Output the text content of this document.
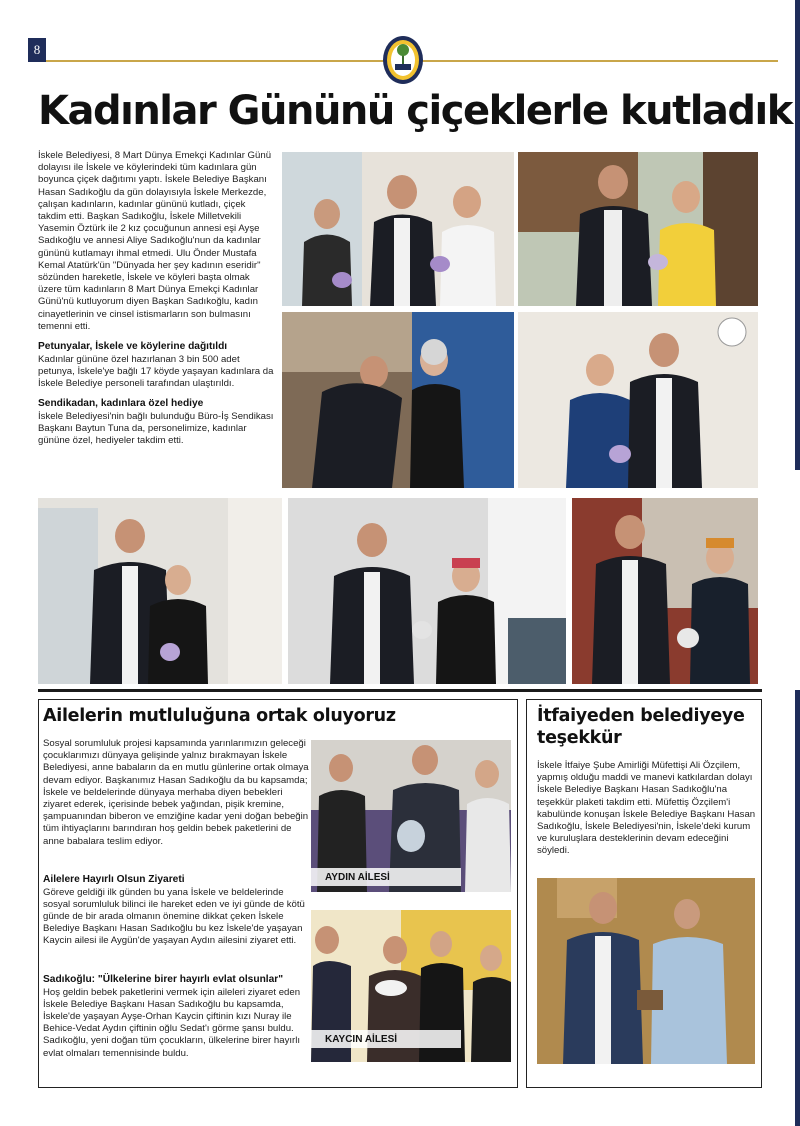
8
Kadınlar Gününü çiçeklerle kutladık

İskele Belediyesi, 8 Mart Dünya Emekçi Kadınlar Günü dolayısı ile İskele ve köylerindeki tüm kadınlara gün boyunca çiçek dağıtımı yaptı. İskele Belediye Başkanı Hasan Sadıkoğlu da gün dolayısıyla İskele Merkezde, çalışan kadınların, kadınlar gününü kutladı, çiçek takdim etti. Başkan Sadıkoğlu, İskele Milletvekili Yasemin Öztürk ile 2 kız çocuğunun annesi eşi Ayşe Sadıkoğlu ve annesi Aliye Sadıkoğlu'nun da kadınlar gününü kutlamayı ihmal etmedi. Ulu Önder Mustafa Kemal Atatürk'ün "Dünyada her şey kadının eseridir" sözünden hareketle, İskele ve köyleri başta olmak üzere tüm kadınların 8 Mart Dünya Emekçi Kadınlar Günü'nü kutluyorum diyen Başkan Sadıkoğlu, kadın cinayetlerinin ve cinsel istismarların son bulmasını temenni etti.

Petunyalar, İskele ve köylerine dağıtıldı

Kadınlar gününe özel hazırlanan 3 bin 500 adet petunya, İskele'ye bağlı 17 köyde yaşayan kadınlara da İskele Belediye personeli tarafından ulaştırıldı.

Sendikadan, kadınlara özel hediye

İskele Belediyesi'nin bağlı bulunduğu Büro-İş Sendikası Başkanı Baytun Tuna da, personelimize, kadınlar gününe özel, hediyeler takdim etti.

Ailelerin mutluluğuna ortak oluyoruz
Sosyal sorumluluk projesi kapsamında yarınlarımızın geleceği çocuklarımızı dünyaya gelişinde yalnız bırakmayan İskele Belediyesi, anne babaların da en mutlu günlerine ortak olmaya devam ediyor. Başkanımız Hasan Sadıkoğlu da bu kapsamda; İskele ve beldelerinde dünyaya merhaba diyen bebekleri ziyaret ederek, içerisinde bebek yağından, pişik kremine, şampuanından biberon ve emziğine kadar yeni doğan bebeğin tüm ihtiyaçlarını barındıran hoş geldin bebek paketlerini de anne babalara teslim ediyor.
Ailelere Hayırlı Olsun Ziyareti

Göreve geldiği ilk günden bu yana İskele ve beldelerinde sosyal sorumluluk bilinci ile hareket eden ve iyi günde de kötü günde de bir arada olmanın önemine dikkat çeken İskele Belediye Başkanı Hasan Sadıkoğlu bu kez İskele'de yaşayan Kaycin ailesi ile Aygün'de yaşayan Aydın ailesini ziyaret etti.

Sadıkoğlu: "Ülkelerine birer hayırlı evlat olsunlar"

Hoş geldin bebek paketlerini vermek için aileleri ziyaret eden İskele Belediye Başkanı Hasan Sadıkoğlu bu kapsamda, İskele'de yaşayan Ayşe-Orhan Kaycin çiftinin kızı Nuray ile Behice-Vedat Aydın çiftinin oğlu Sedat'ı görme şansı buldu. Sadıkoğlu, yeni doğan tüm çocukların, ülkelerine birer hayırlı evlat olmaları temennisinde buldu.

AYDIN AİLESİ
KAYCIN AİLESİ
İtfaiyeden belediyeye teşekkür
İskele İtfaiye Şube Amirliği Müfettişi Ali Özçilem, yapmış olduğu maddi ve manevi katkılardan dolayı İskele Belediye Başkanı Hasan Sadıkoğlu'na teşekkür plaketi takdim etti. Müfettiş Özçilem'i kabulünde konuşan İskele Belediye Başkanı Hasan Sadıkoğlu, İskele Belediyesi'nin, İskele'deki kurum ve kuruluşlara desteklerinin devam edeceğini söyledi.
